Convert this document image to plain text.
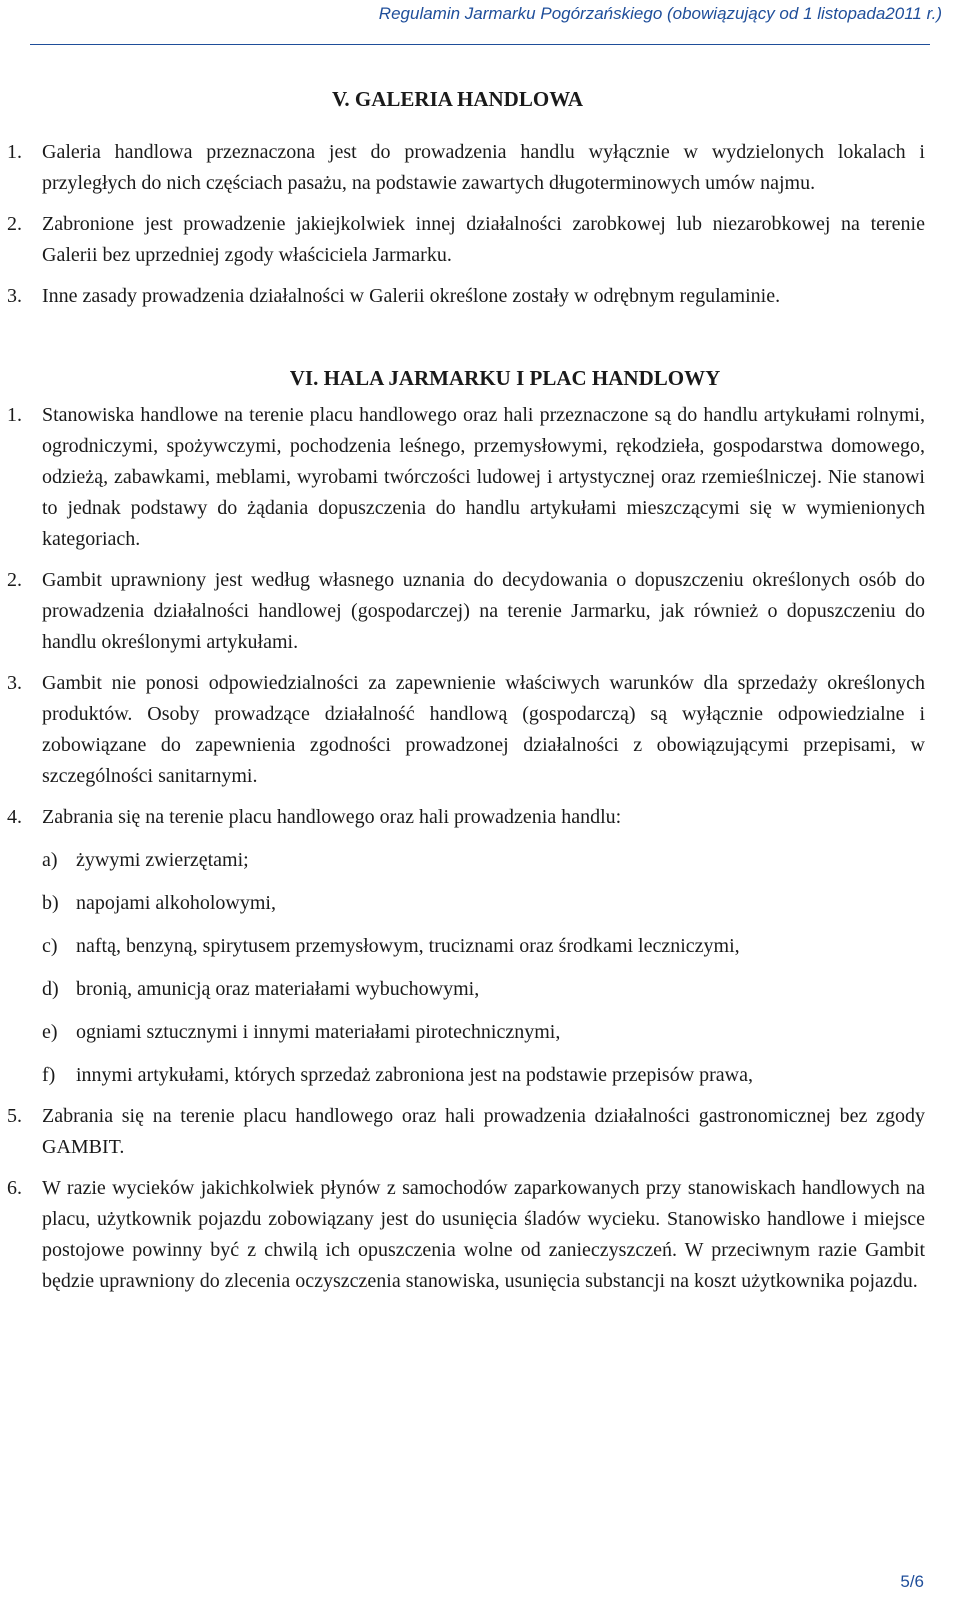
Regulamin Jarmarku Pogórzańskiego (obowiązujący od 1 listopada2011 r.)
V. GALERIA HANDLOWA
1.	Galeria handlowa przeznaczona jest do prowadzenia handlu wyłącznie w wydzielonych lokalach i przyległych do nich częściach pasażu, na podstawie zawartych długoterminowych umów najmu.
2.	Zabronione jest prowadzenie jakiejkolwiek innej działalności zarobkowej lub niezarobkowej na terenie Galerii bez uprzedniej zgody właściciela Jarmarku.
3.	Inne zasady prowadzenia działalności w Galerii określone zostały w odrębnym regulaminie.
VI. HALA JARMARKU I PLAC HANDLOWY
1.	Stanowiska handlowe na terenie placu handlowego oraz hali przeznaczone są do handlu artykułami rolnymi, ogrodniczymi, spożywczymi, pochodzenia leśnego, przemysłowymi, rękodzieła, gospodarstwa domowego, odzieżą, zabawkami, meblami, wyrobami twórczości ludowej i artystycznej oraz rzemieślniczej. Nie stanowi to jednak podstawy do żądania dopuszczenia do handlu artykułami mieszczącymi się w wymienionych kategoriach.
2.	Gambit uprawniony jest według własnego uznania do decydowania o dopuszczeniu określonych osób do prowadzenia działalności handlowej (gospodarczej) na terenie Jarmarku, jak również o dopuszczeniu do handlu określonymi artykułami.
3.	Gambit nie ponosi odpowiedzialności za zapewnienie właściwych warunków dla sprzedaży określonych produktów. Osoby prowadzące działalność handlową (gospodarczą) są wyłącznie odpowiedzialne i zobowiązane do zapewnienia zgodności prowadzonej działalności z obowiązującymi przepisami, w szczególności sanitarnymi.
4.	Zabrania się na terenie placu handlowego oraz hali prowadzenia handlu:
a) żywymi zwierzętami;
b) napojami alkoholowymi,
c) naftą, benzyną, spirytusem przemysłowym, truciznami oraz środkami leczniczymi,
d) bronią, amunicją oraz materiałami wybuchowymi,
e) ogniami sztucznymi i innymi materiałami pirotechnicznymi,
f)	innymi artykułami, których sprzedaż zabroniona jest na podstawie przepisów prawa,
5.	Zabrania się na terenie placu handlowego oraz hali prowadzenia działalności gastronomicznej bez zgody GAMBIT.
6.	W razie wycieków jakichkolwiek płynów z samochodów zaparkowanych przy stanowiskach handlowych na placu, użytkownik pojazdu zobowiązany jest do usunięcia śladów wycieku. Stanowisko handlowe i miejsce postojowe powinny być z chwilą ich opuszczenia wolne od zanieczyszczeń. W przeciwnym razie Gambit będzie uprawniony do zlecenia oczyszczenia stanowiska, usunięcia substancji na koszt użytkownika pojazdu.
5/6
